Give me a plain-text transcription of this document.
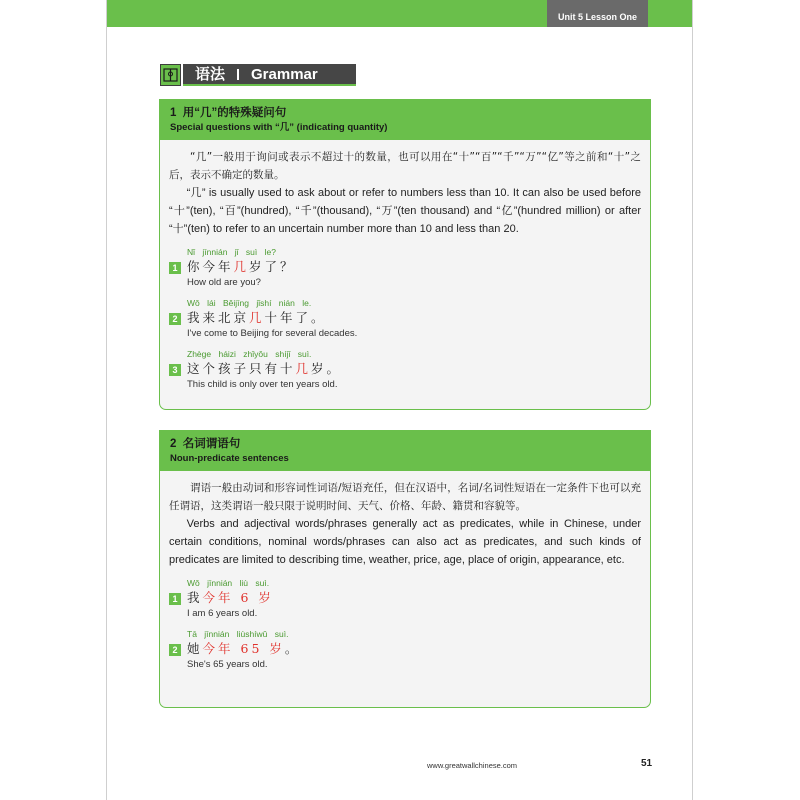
Unit 5 Lesson One
语法 Grammar
1 用“几”的特殊疑问句
Special questions with “几” (indicating quantity)

“几”一般用于询问或表示不超过十的数量，也可以用在“十”“百”“千”“万”“亿”等之前和“十”之后，表示不确定的数量。

“几” is usually used to ask about or refer to numbers less than 10. It can also be used before “十”(ten), “百”(hundred), “千”(thousand), “万”(ten thousand) and “亿”(hundred million) or after “十”(ten) to refer to an uncertain number more than 10 and less than 20.

1
Nǐ jīnnián jǐ suì le?
你今年几岁了？
How old are you?
2
Wǒ lái Běijīng jǐshí nián le.
我来北京几十年了。
I've come to Beijing for several decades.
3
Zhège háizi zhǐyǒu shíjǐ suì.
这个孩子只有十几岁。
This child is only over ten years old.
2 名词谓语句
Noun-predicate sentences

谓语一般由动词和形容词性词语/短语充任，但在汉语中，名词/名词性短语在一定条件下也可以充任谓语，这类谓语一般只限于说明时间、天气、价格、年龄、籍贯和容貌等。

Verbs and adjectival words/phrases generally act as predicates, while in Chinese, under certain conditions, nominal words/phrases can also act as predicates, and such kinds of predicates are limited to describing time, weather, price, age, place of origin, appearance, etc.

1
Wǒ jīnnián liù suì.
我今年 6 岁
I am 6 years old.
2
Tā jīnnián liùshíwǔ suì.
她今年 65 岁。
She's 65 years old.
www.greatwallchinese.com	51
